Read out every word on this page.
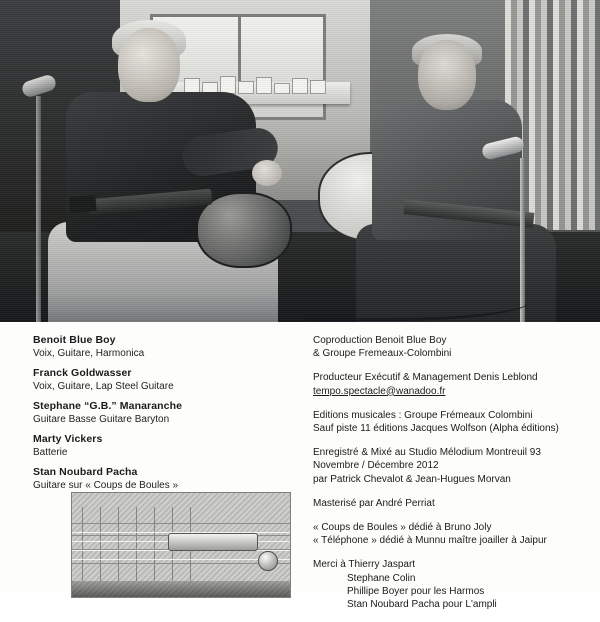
Benoit Blue Boy
Voix, Guitare, Harmonica
Franck Goldwasser
Voix, Guitare, Lap Steel Guitare
Stephane “G.B.” Manaranche
Guitare Basse Guitare Baryton
Marty Vickers
Batterie
Stan Noubard Pacha
Guitare sur « Coups de Boules »
Coproduction Benoit Blue Boy
& Groupe Fremeaux-Colombini
Producteur Exécutif & Management Denis Leblond
tempo.spectacle@wanadoo.fr
Editions musicales : Groupe Frémeaux Colombini
Sauf piste 11 éditions Jacques Wolfson (Alpha éditions)
Enregistré & Mixé au Studio Mélodium Montreuil 93
Novembre / Décembre 2012
par Patrick Chevalot & Jean-Hugues Morvan
Masterisé par André Perriat
« Coups de Boules » dédié à Bruno Joly
« Téléphone » dédié à Munnu maître joailler à Jaipur
Merci à Thierry Jaspart
Stephane Colin
Phillipe Boyer pour les Harmos
Stan Noubard Pacha pour L'ampli
